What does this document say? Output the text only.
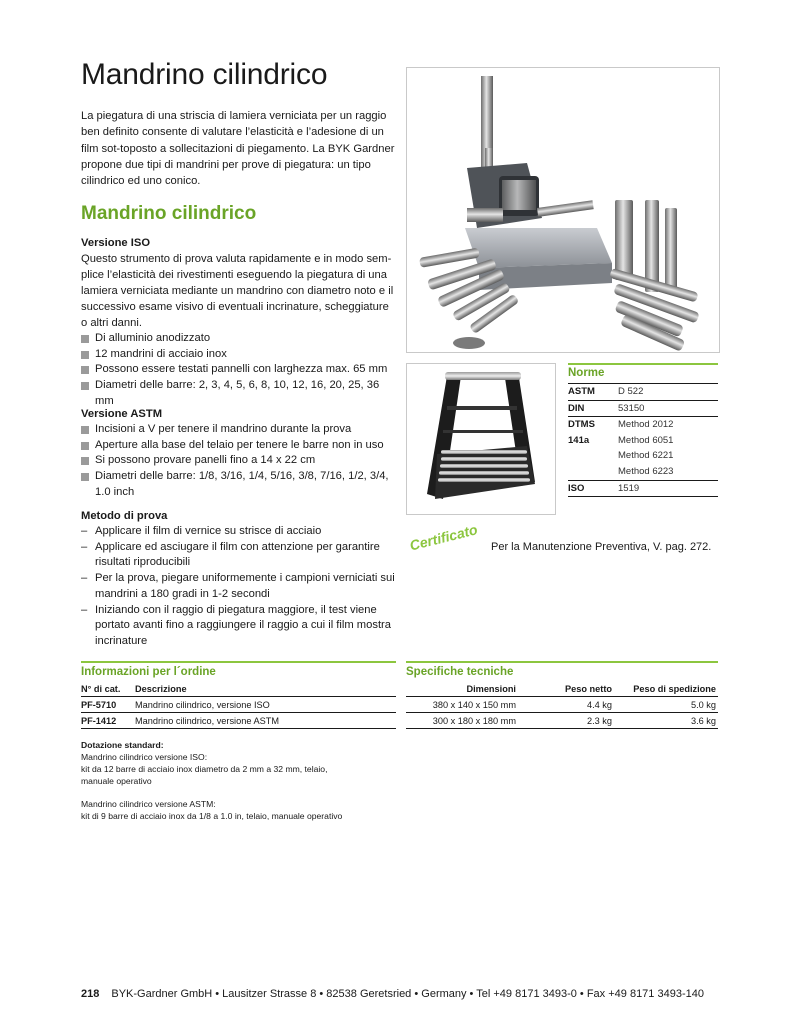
Mandrino cilindrico
La piegatura di una striscia di lamiera verniciata per un raggio ben definito consente di valutare l’elasticità e l’adesione di un film sot-toposto a sollecitazioni di piegamento. La BYK Gardner propone due tipi di mandrini per prove di piegatura: un tipo cilindrico ed uno conico.
Mandrino cilindrico
Versione ISO
Questo strumento di prova valuta rapidamente e in modo sem-plice l’elasticità dei rivestimenti eseguendo la piegatura di una lamiera verniciata mediante un mandrino con diametro noto e il successivo esame visivo di eventuali incrinature, scheggiature o altri danni.
Di alluminio anodizzato
12 mandrini di acciaio inox
Possono essere testati pannelli con larghezza max. 65 mm
Diametri delle barre: 2, 3, 4, 5, 6, 8, 10, 12, 16, 20, 25, 36 mm
Versione ASTM
Incisioni a V per tenere il mandrino durante la prova
Aperture alla base del telaio per tenere le barre non in uso
Si possono provare panelli fino a 14 x 22 cm
Diametri delle barre: 1/8, 3/16, 1/4, 5/16, 3/8, 7/16, 1/2, 3/4, 1.0 inch
Metodo di prova
– Applicare il film di vernice su strisce di acciaio
– Applicare ed asciugare il film con attenzione per garantire risultati riproducibili
– Per la prova, piegare uniformemente i campioni verniciati sui mandrini a 180 gradi in 1-2 secondi
– Iniziando con il raggio di piegatura maggiore, il test viene portato avanti fino a raggiungere il raggio a cui il film mostra incrinature
Norme
ASTM	D 522
DIN	53150
DTMS	Method 2012
141a	Method 6051
Method 6221
Method 6223
ISO	1519
Certificato Per la Manutenzione Preventiva, V. pag. 272.
Informazioni per l´ordine
N° di cat.	Descrizione
PF-5710	Mandrino cilindrico, versione ISO
PF-1412	Mandrino cilindrico, versione ASTM
Specifiche tecniche
Dimensioni	Peso netto	Peso di spedizione
380 x 140 x 150 mm	4.4 kg	5.0 kg
300 x 180 x 180 mm	2.3 kg	3.6 kg
Dotazione standard:
Mandrino cilindrico versione ISO:
kit da 12 barre di acciaio inox diametro da 2 mm a 32 mm, telaio,
manuale operativo
Mandrino cilindrico versione ASTM:
kit di 9 barre di acciaio inox da 1/8 a 1.0 in, telaio, manuale operativo
218 BYK-Gardner GmbH • Lausitzer Strasse 8 • 82538 Geretsried • Germany • Tel +49 8171 3493-0 • Fax +49 8171 3493-140
